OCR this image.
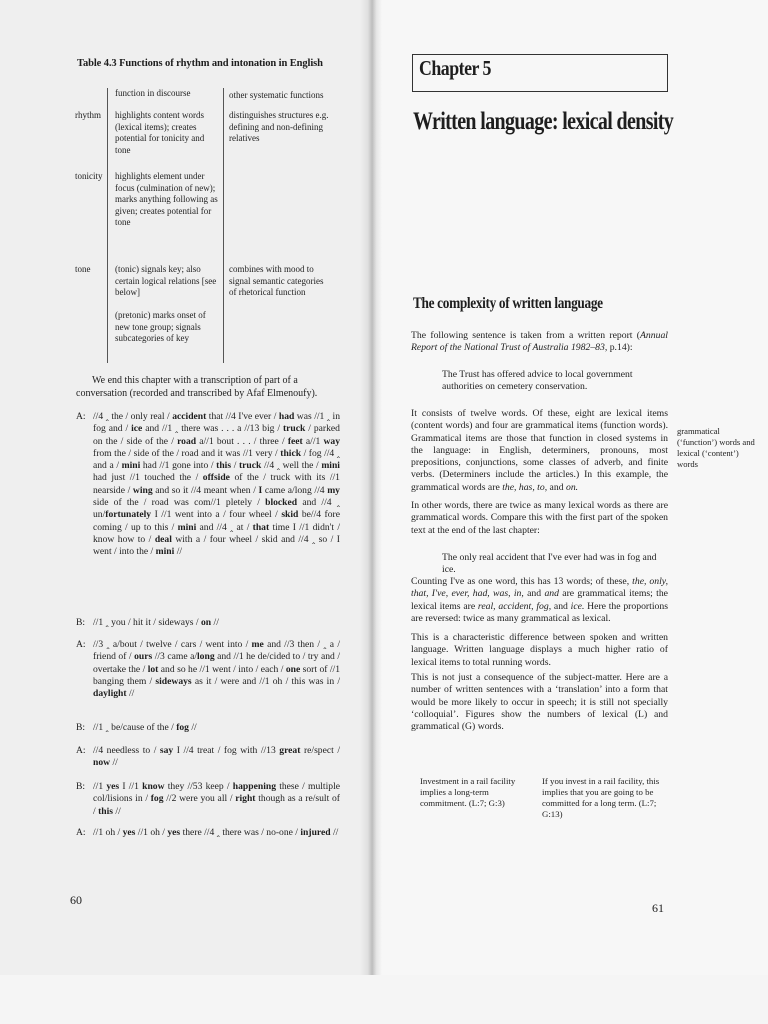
Table 4.3 Functions of rhythm and intonation in English
function in discourse	other systematic functions
rhythm highlights content words (lexical items); creates potential for tonicity and tone
distinguishes structures e.g. defining and non-defining relatives
tonicity highlights element under focus (culmination of new); marks anything following as given; creates potential for tone
tone	(tonic) signals key; also certain logical relations [see below]
combines with mood to signal semantic categories of rhetorical function
(pretonic) marks onset of new tone group; signals subcategories of key
We end this chapter with a transcription of part of a conversation (recorded and transcribed by Afaf Elmenoufy).
A: //4 ‸ the / only real / accident that //4 I've ever / had was //1 ‸ in fog and / ice and //1 ‸ there was . . . a //13 big / truck / parked on the / side of the / road a//1 bout . . . / three / feet a//1 way from the / side of the / road and it was //1 very / thick / fog //4 ‸ and a / mini had //1 gone into / this / truck //4 ‸ well the / mini had just //1 touched the / offside of the / truck with its //1 nearside / wing and so it //4 meant when / I came a/long //4 my side of the / road was com//1 pletely / blocked and //4 ‸ un/fortunately I //1 went into a / four wheel / skid be//4 fore coming / up to this / mini and //4 ‸ at / that time I //1 didn't / know how to / deal with a / four wheel / skid and //4 ‸ so / I went / into the / mini //
B: //1 ‸ you / hit it / sideways / on //
A: //3 ‸ a/bout / twelve / cars / went into / me and //3 then / ‸ a / friend of / ours //3 came a/long and //1 he de/cided to / try and / overtake the / lot and so he //1 went / into / each / one sort of //1 banging them / sideways as it / were and //1 oh / this was in / daylight //
B: //1 ‸ be/cause of the / fog //
A: //4 needless to / say I //4 treat / fog with //13 great re/spect / now //
B: //1 yes I //1 know they //53 keep / happening these / multiple col/lisions in / fog //2 were you all / right though as a re/sult of / this //
A: //1 oh / yes //1 oh / yes there //4 ‸ there was / no-one / injured //
60
Chapter 5
Written language: lexical density
The complexity of written language
The following sentence is taken from a written report (Annual Report of the National Trust of Australia 1982–83, p.14):
The Trust has offered advice to local government authorities on cemetery conservation.
It consists of twelve words. Of these, eight are lexical items (content words) and four are grammatical items (function words). Grammatical items are those that function in closed systems in the language: in English, determiners, pronouns, most prepositions, conjunctions, some classes of adverb, and finite verbs. (Determiners include the articles.) In this example, the grammatical words are the, has, to, and on.
In other words, there are twice as many lexical words as there are grammatical words. Compare this with the first part of the spoken text at the end of the last chapter:
The only real accident that I've ever had was in fog and ice.
Counting I've as one word, this has 13 words; of these, the, only, that, I've, ever, had, was, in, and and are grammatical items; the lexical items are real, accident, fog, and ice. Here the proportions are reversed: twice as many grammatical as lexical.
This is a characteristic difference between spoken and written language. Written language displays a much higher ratio of lexical items to total running words.
This is not just a consequence of the subject-matter. Here are a number of written sentences with a ‘translation’ into a form that would be more likely to occur in speech; it is still not specially ‘colloquial’. Figures show the numbers of lexical (L) and grammatical (G) words.
grammatical (‘function’) words and lexical (‘content’) words
Investment in a rail facility implies a long-term commitment. (L:7; G:3)
If you invest in a rail facility, this implies that you are going to be committed for a long term. (L:7; G:13)
61
